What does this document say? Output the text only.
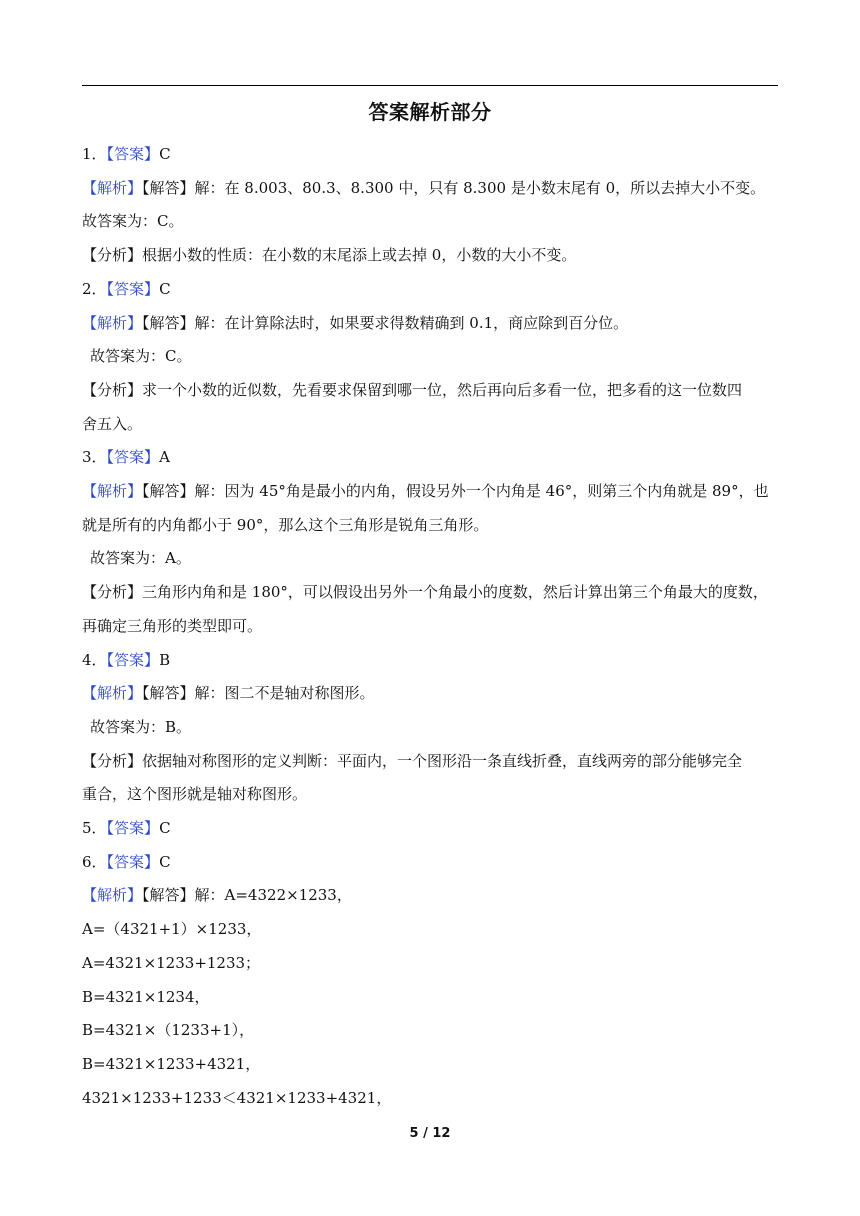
答案解析部分
1．【答案】C
【解析】【解答】解：在 8.003、80.3、8.300 中，只有 8.300 是小数末尾有 0，所以去掉大小不变。
故答案为：C。
【分析】根据小数的性质：在小数的末尾添上或去掉 0，小数的大小不变。
2．【答案】C
【解析】【解答】解：在计算除法时，如果要求得数精确到 0.1，商应除到百分位。
故答案为：C。
【分析】求一个小数的近似数，先看要求保留到哪一位，然后再向后多看一位，把多看的这一位数四
舍五入。
3．【答案】A
【解析】【解答】解：因为 45°角是最小的内角，假设另外一个内角是 46°，则第三个内角就是 89°，也
就是所有的内角都小于 90°，那么这个三角形是锐角三角形。
故答案为：A。
【分析】三角形内角和是 180°，可以假设出另外一个角最小的度数，然后计算出第三个角最大的度数，
再确定三角形的类型即可。
4．【答案】B
【解析】【解答】解：图二不是轴对称图形。
故答案为：B。
【分析】依据轴对称图形的定义判断：平面内，一个图形沿一条直线折叠，直线两旁的部分能够完全
重合，这个图形就是轴对称图形。
5．【答案】C
6．【答案】C
【解析】【解答】解：A=4322×1233，
A=（4321+1）×1233，
A=4321×1233+1233；
B=4321×1234，
B=4321×（1233+1），
B=4321×1233+4321，
4321×1233+1233＜4321×1233+4321，
5 / 12
